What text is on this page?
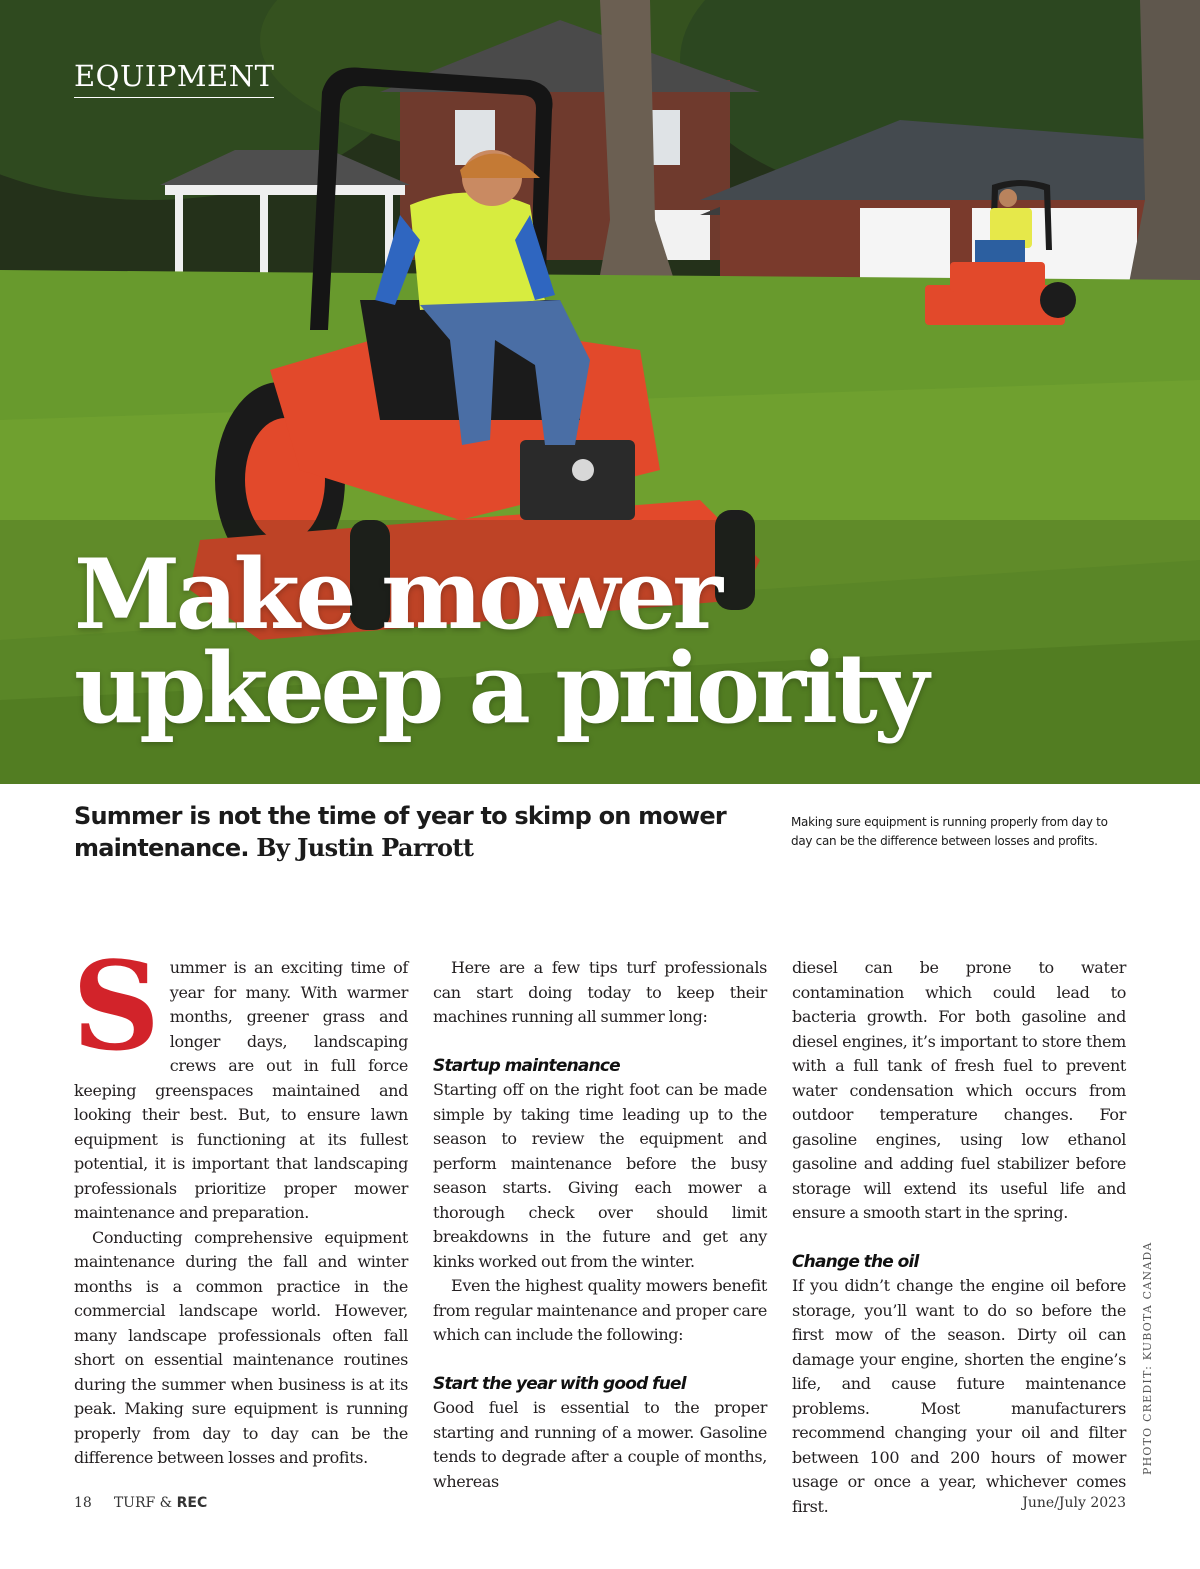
EQUIPMENT
Make mower
upkeep a priority

Summer is not the time of year to skimp on mower maintenance. By Justin Parrott

Making sure equipment is running properly from day to day can be the difference between losses and profits.

Summer is an exciting time of year for many. With warmer months, greener grass and longer days, landscaping crews are out in full force keeping greenspaces maintained and looking their best. But, to ensure lawn equipment is functioning at its fullest potential, it is important that landscaping professionals prioritize proper mower maintenance and preparation.

Conducting comprehensive equipment maintenance during the fall and winter months is a common practice in the commercial landscape world. However, many landscape professionals often fall short on essential maintenance routines during the summer when business is at its peak. Making sure equipment is running properly from day to day can be the difference between losses and profits.

Here are a few tips turf professionals can start doing today to keep their machines running all summer long:

Startup maintenance

Starting off on the right foot can be made simple by taking time leading up to the season to review the equipment and perform maintenance before the busy season starts. Giving each mower a thorough check over should limit breakdowns in the future and get any kinks worked out from the winter.

Even the highest quality mowers benefit from regular maintenance and proper care which can include the following:

Start the year with good fuel

Good fuel is essential to the proper starting and running of a mower. Gasoline tends to degrade after a couple of months, whereas

diesel can be prone to water contamination which could lead to bacteria growth. For both gasoline and diesel engines, it’s important to store them with a full tank of fresh fuel to prevent water condensation which occurs from outdoor temperature changes. For gasoline engines, using low ethanol gasoline and adding fuel stabilizer before storage will extend its useful life and ensure a smooth start in the spring.

Change the oil

If you didn’t change the engine oil before storage, you’ll want to do so before the first mow of the season. Dirty oil can damage your engine, shorten the engine’s life, and cause future maintenance problems. Most manufacturers recommend changing your oil and filter between 100 and 200 hours of mower usage or once a year, whichever comes first.

PHOTO CREDIT: KUBOTA CANADA
18 TURF & REC	June/July 2023
